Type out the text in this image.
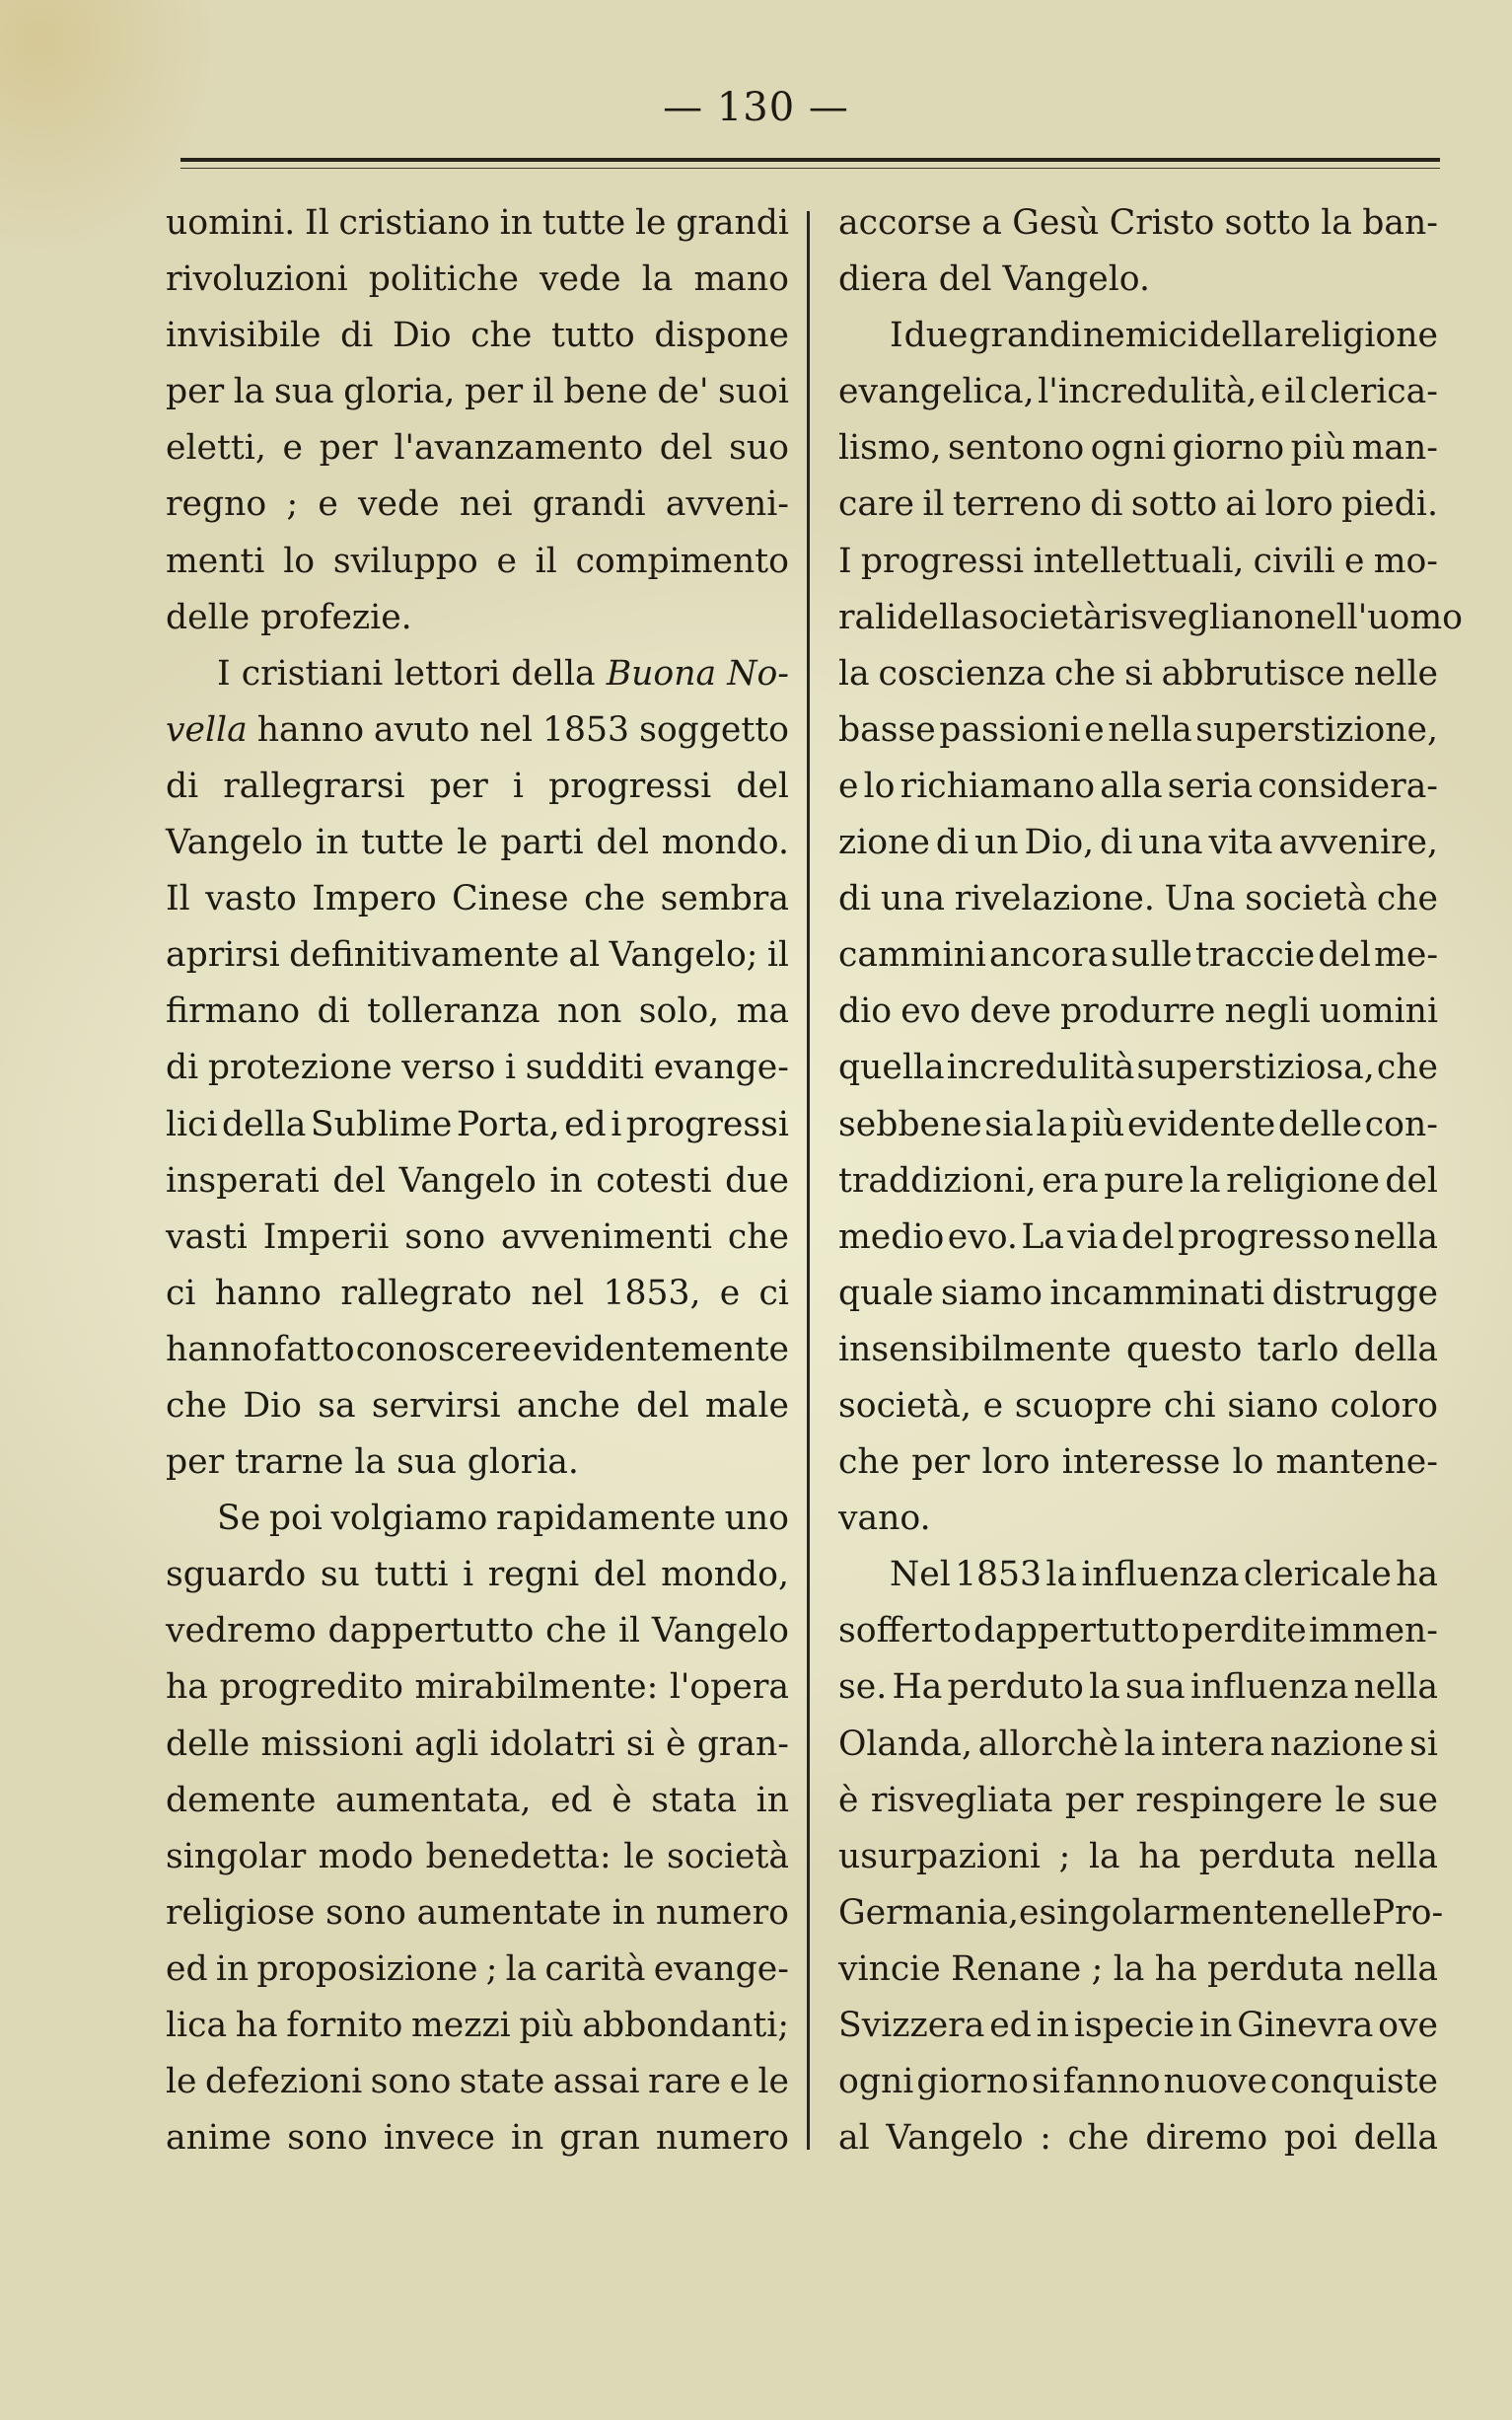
— 130 —
uomini. Il cristiano in tutte le grandi
rivoluzioni politiche vede la mano
invisibile di Dio che tutto dispone
per la sua gloria, per il bene de' suoi
eletti, e per l'avanzamento del suo
regno ; e vede nei grandi avveni-
menti lo sviluppo e il compimento
delle profezie.
I cristiani lettori della Buona No-
vella hanno avuto nel 1853 soggetto
di rallegrarsi per i progressi del
Vangelo in tutte le parti del mondo.
Il vasto Impero Cinese che sembra
aprirsi definitivamente al Vangelo; il
firmano di tolleranza non solo, ma
di protezione verso i sudditi evange-
lici della Sublime Porta, ed i progressi
insperati del Vangelo in cotesti due
vasti Imperii sono avvenimenti che
ci hanno rallegrato nel 1853, e ci
hanno fatto conoscere evidentemente
che Dio sa servirsi anche del male
per trarne la sua gloria.
Se poi volgiamo rapidamente uno
sguardo su tutti i regni del mondo,
vedremo dappertutto che il Vangelo
ha progredito mirabilmente: l'opera
delle missioni agli idolatri si è gran-
demente aumentata, ed è stata in
singolar modo benedetta: le società
religiose sono aumentate in numero
ed in proposizione ; la carità evange-
lica ha fornito mezzi più abbondanti;
le defezioni sono state assai rare e le
anime sono invece in gran numero
accorse a Gesù Cristo sotto la ban-
diera del Vangelo.
I due grandi nemici della religione
evangelica, l'incredulità, e il clerica-
lismo, sentono ogni giorno più man-
care il terreno di sotto ai loro piedi.
I progressi intellettuali, civili e mo-
rali della società risvegliano nell'uomo
la coscienza che si abbrutisce nelle
basse passioni e nella superstizione,
e lo richiamano alla seria considera-
zione di un Dio, di una vita avvenire,
di una rivelazione. Una società che
cammini ancora sulle traccie del me-
dio evo deve produrre negli uomini
quella incredulità superstiziosa, che
sebbene sia la più evidente delle con-
traddizioni, era pure la religione del
medio evo. La via del progresso nella
quale siamo incamminati distrugge
insensibilmente questo tarlo della
società, e scuopre chi siano coloro
che per loro interesse lo mantene-
vano.
Nel 1853 la influenza clericale ha
sofferto dappertutto perdite immen-
se. Ha perduto la sua influenza nella
Olanda, allorchè la intera nazione si
è risvegliata per respingere le sue
usurpazioni ; la ha perduta nella
Germania, e singolarmente nelle Pro-
vincie Renane ; la ha perduta nella
Svizzera ed in ispecie in Ginevra ove
ogni giorno si fanno nuove conquiste
al Vangelo : che diremo poi della
